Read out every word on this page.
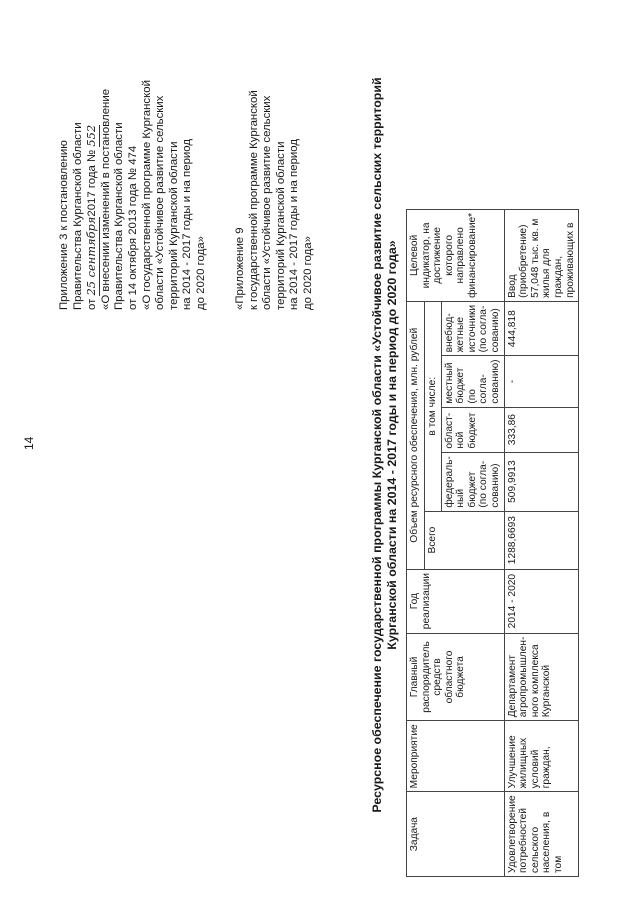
14
Приложение 3 к постановлению Правительства Курганской области от 25 сентября2017 года № 552 «О внесении изменений в постановление Правительства Курганской области от 14 октября 2013 года № 474 «О государственной программе Курганской области «Устойчивое развитие сельских территорий Курганской области на 2014 - 2017 годы и на период до 2020 года» «Приложение 9 к государственной программе Курганской области «Устойчивое развитие сельских территорий Курганской области на 2014 - 2017 годы и на период до 2020 года»	Ресурсное обеспечение государственной программы Курганской области «Устойчивое развитие сельских территорий Курганской области на 2014 - 2017 годы и на период до 2020 года»
Задача	Мероприятие	Главный распорядитель средств областного бюджета	Год реализации	Объем ресурсного обеспечения, млн. рублей					Целевой индикатор, на достижение которого направлено финансирование*
				Всего	в том числе:				
					федераль-ный бюджет (по согла-сованию)	област-ной бюджет	местный бюджет (по согла-сованию)	внебюд-жетные источники (по согла-сованию)	
Удовлетворение потребностей сельского населения, в том	Улучшение жилищных условий граждан,	Департамент агропромышлен-ного комплекса Курганской	2014 - 2020	1288,6693	509,9913	333,86	-	444,818	Ввод (приобретение) 57,048 тыс. кв. м жилья для граждан, проживающих в
